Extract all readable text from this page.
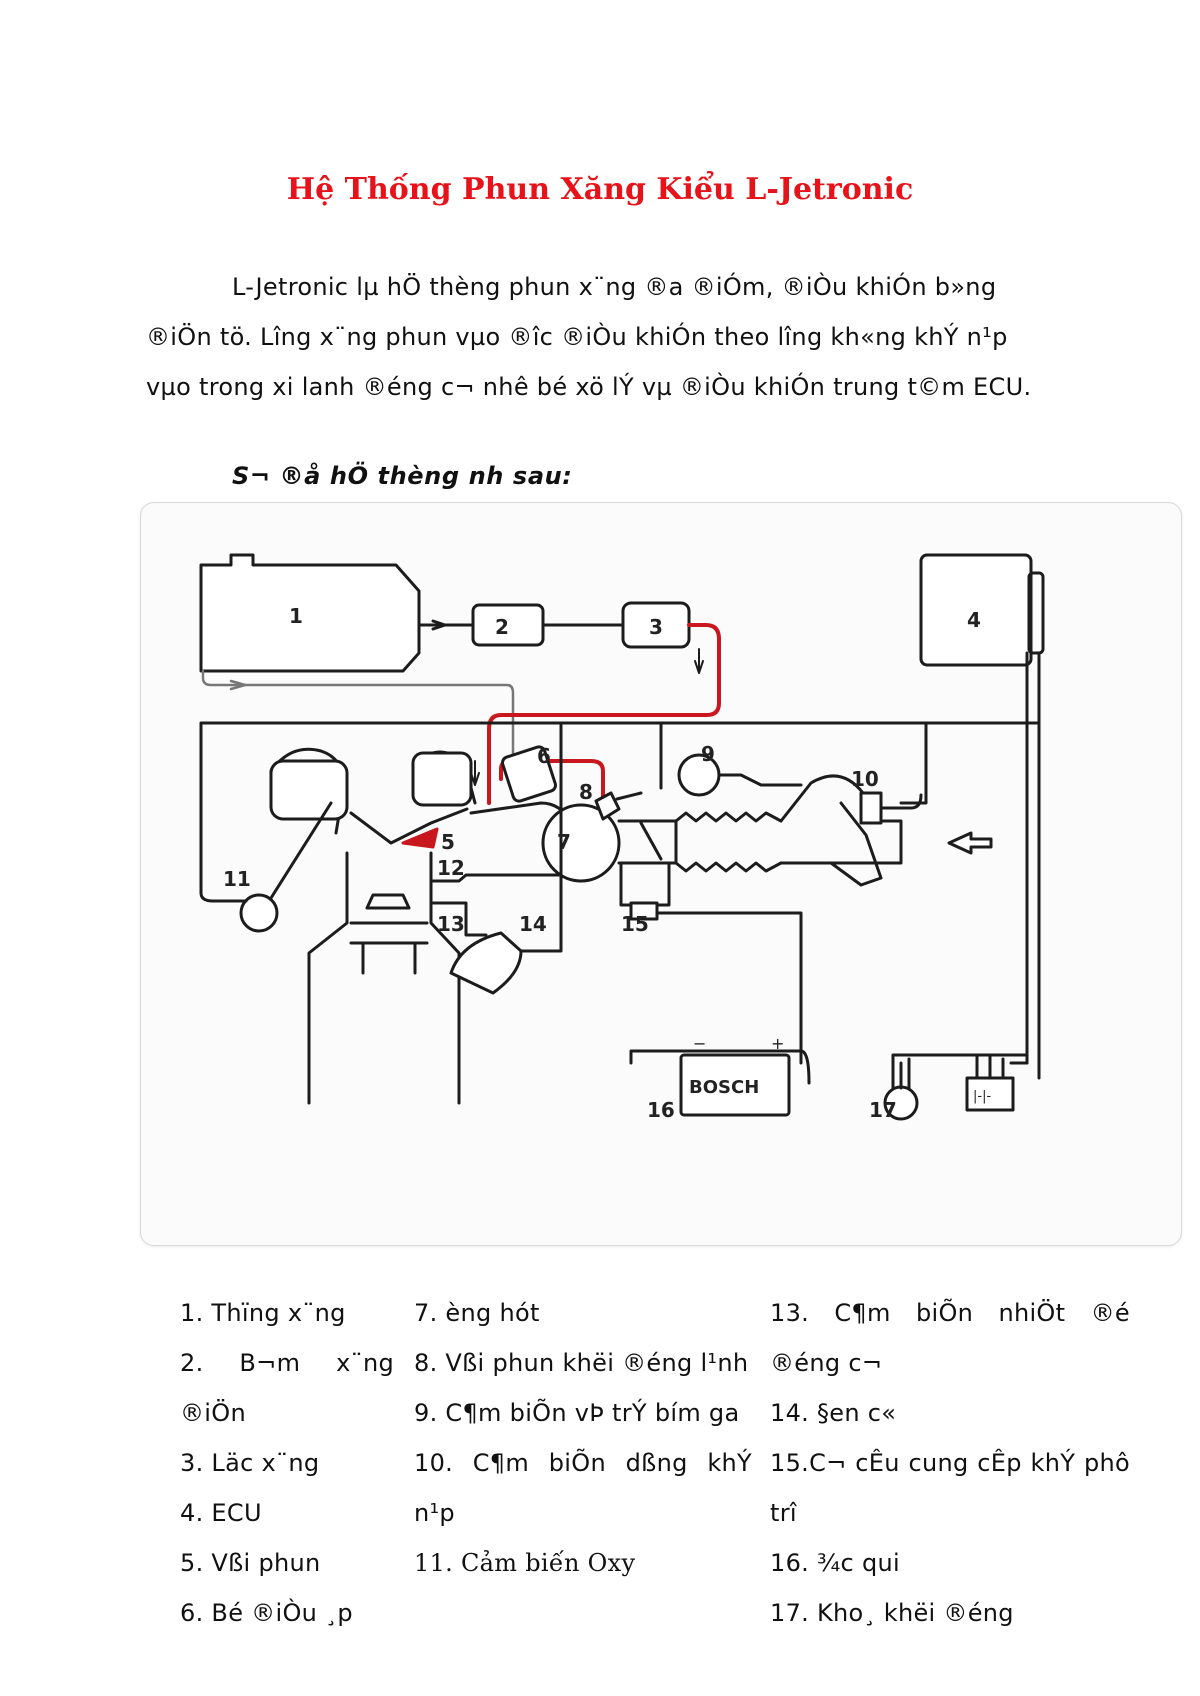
Hệ Thống Phun Xăng Kiểu L-Jetronic

L-Jetronic lµ hÖ thèng phun x¨ng ®a ®iÓm, ®iÒu khiÓn b»ng ®iÖn tö. Lîng x¨ng phun vµo ®îc ®iÒu khiÓn theo lîng kh«ng khÝ n¹p vµo trong xi lanh ®éng c¬ nhê bé xö lÝ vµ ®iÒu khiÓn trung t©m ECU.

S¬ ®å hÖ thèng nh sau:

1	2	3	4
5
6
7
8
9
10
11	12
13	14	15
16	17
BOSCH
−	+
|-|-
1. Thïng x¨ng
2. B¬m x¨ng ®iÖn
3. Läc x¨ng
4. ECU
5. Vßi phun
6. Bé ®iÒu ¸p
7. èng hót
8. Vßi phun khëi ®éng l¹nh
9. C¶m biÕn vÞ trÝ bím ga
10. C¶m biÕn dßng khÝ n¹p
11. Cảm biến Oxy
13. C¶m biÕn nhiÖt ®é ®éng c¬
14. §en c«
15.C¬ cÊu cung cÊp khÝ phô trî
16. ¾c qui
17. Kho¸ khëi ®éng
